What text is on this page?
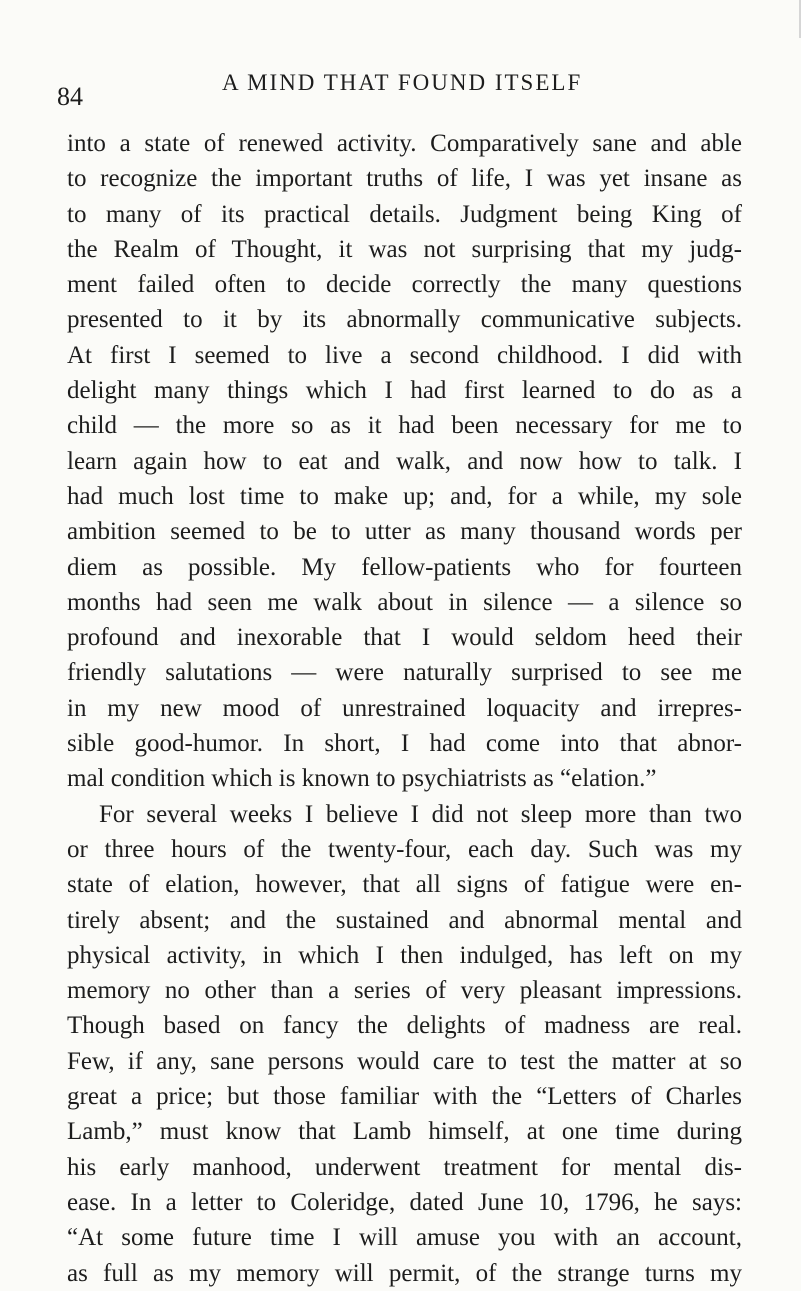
84	A MIND THAT FOUND ITSELF
into a state of renewed activity. Comparatively sane and able
to recognize the important truths of life, I was yet insane as
to many of its practical details. Judgment being King of
the Realm of Thought, it was not surprising that my judg-
ment failed often to decide correctly the many questions
presented to it by its abnormally communicative subjects.
At first I seemed to live a second childhood. I did with
delight many things which I had first learned to do as a
child — the more so as it had been necessary for me to
learn again how to eat and walk, and now how to talk. I
had much lost time to make up; and, for a while, my sole
ambition seemed to be to utter as many thousand words per
diem as possible. My fellow-patients who for fourteen
months had seen me walk about in silence — a silence so
profound and inexorable that I would seldom heed their
friendly salutations — were naturally surprised to see me
in my new mood of unrestrained loquacity and irrepres-
sible good-humor. In short, I had come into that abnor-
mal condition which is known to psychiatrists as “elation.”
For several weeks I believe I did not sleep more than two
or three hours of the twenty-four, each day. Such was my
state of elation, however, that all signs of fatigue were en-
tirely absent; and the sustained and abnormal mental and
physical activity, in which I then indulged, has left on my
memory no other than a series of very pleasant impressions.
Though based on fancy the delights of madness are real.
Few, if any, sane persons would care to test the matter at so
great a price; but those familiar with the “Letters of Charles
Lamb,” must know that Lamb himself, at one time during
his early manhood, underwent treatment for mental dis-
ease. In a letter to Coleridge, dated June 10, 1796, he says:
“At some future time I will amuse you with an account,
as full as my memory will permit, of the strange turns my
